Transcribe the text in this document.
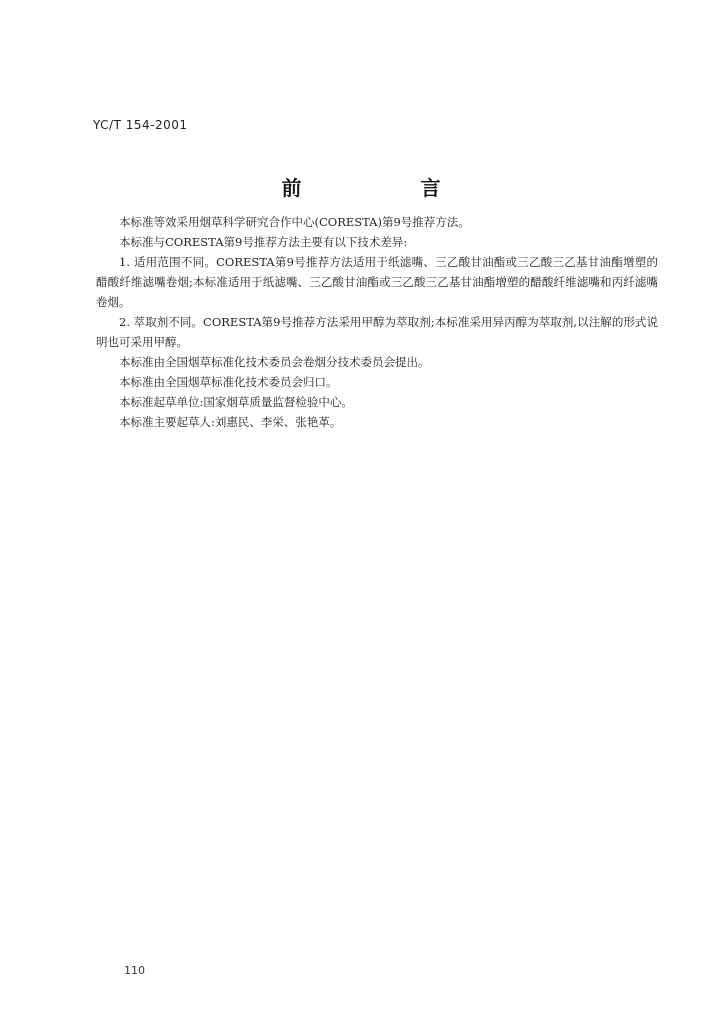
YC/T 154-2001
前 言

本标准等效采用烟草科学研究合作中心(CORESTA)第9号推荐方法。

本标准与CORESTA第9号推荐方法主要有以下技术差异:

1. 适用范围不同。CORESTA第9号推荐方法适用于纸滤嘴、三乙酸甘油酯或三乙酸三乙基甘油酯增塑的醋酸纤维滤嘴卷烟;本标准适用于纸滤嘴、三乙酸甘油酯或三乙酸三乙基甘油酯增塑的醋酸纤维滤嘴和丙纤滤嘴卷烟。

2. 萃取剂不同。CORESTA第9号推荐方法采用甲醇为萃取剂;本标准采用异丙醇为萃取剂,以注解的形式说明也可采用甲醇。

本标准由全国烟草标准化技术委员会卷烟分技术委员会提出。

本标准由全国烟草标准化技术委员会归口。

本标准起草单位:国家烟草质量监督检验中心。

本标准主要起草人:刘惠民、李栄、张艳革。

110
